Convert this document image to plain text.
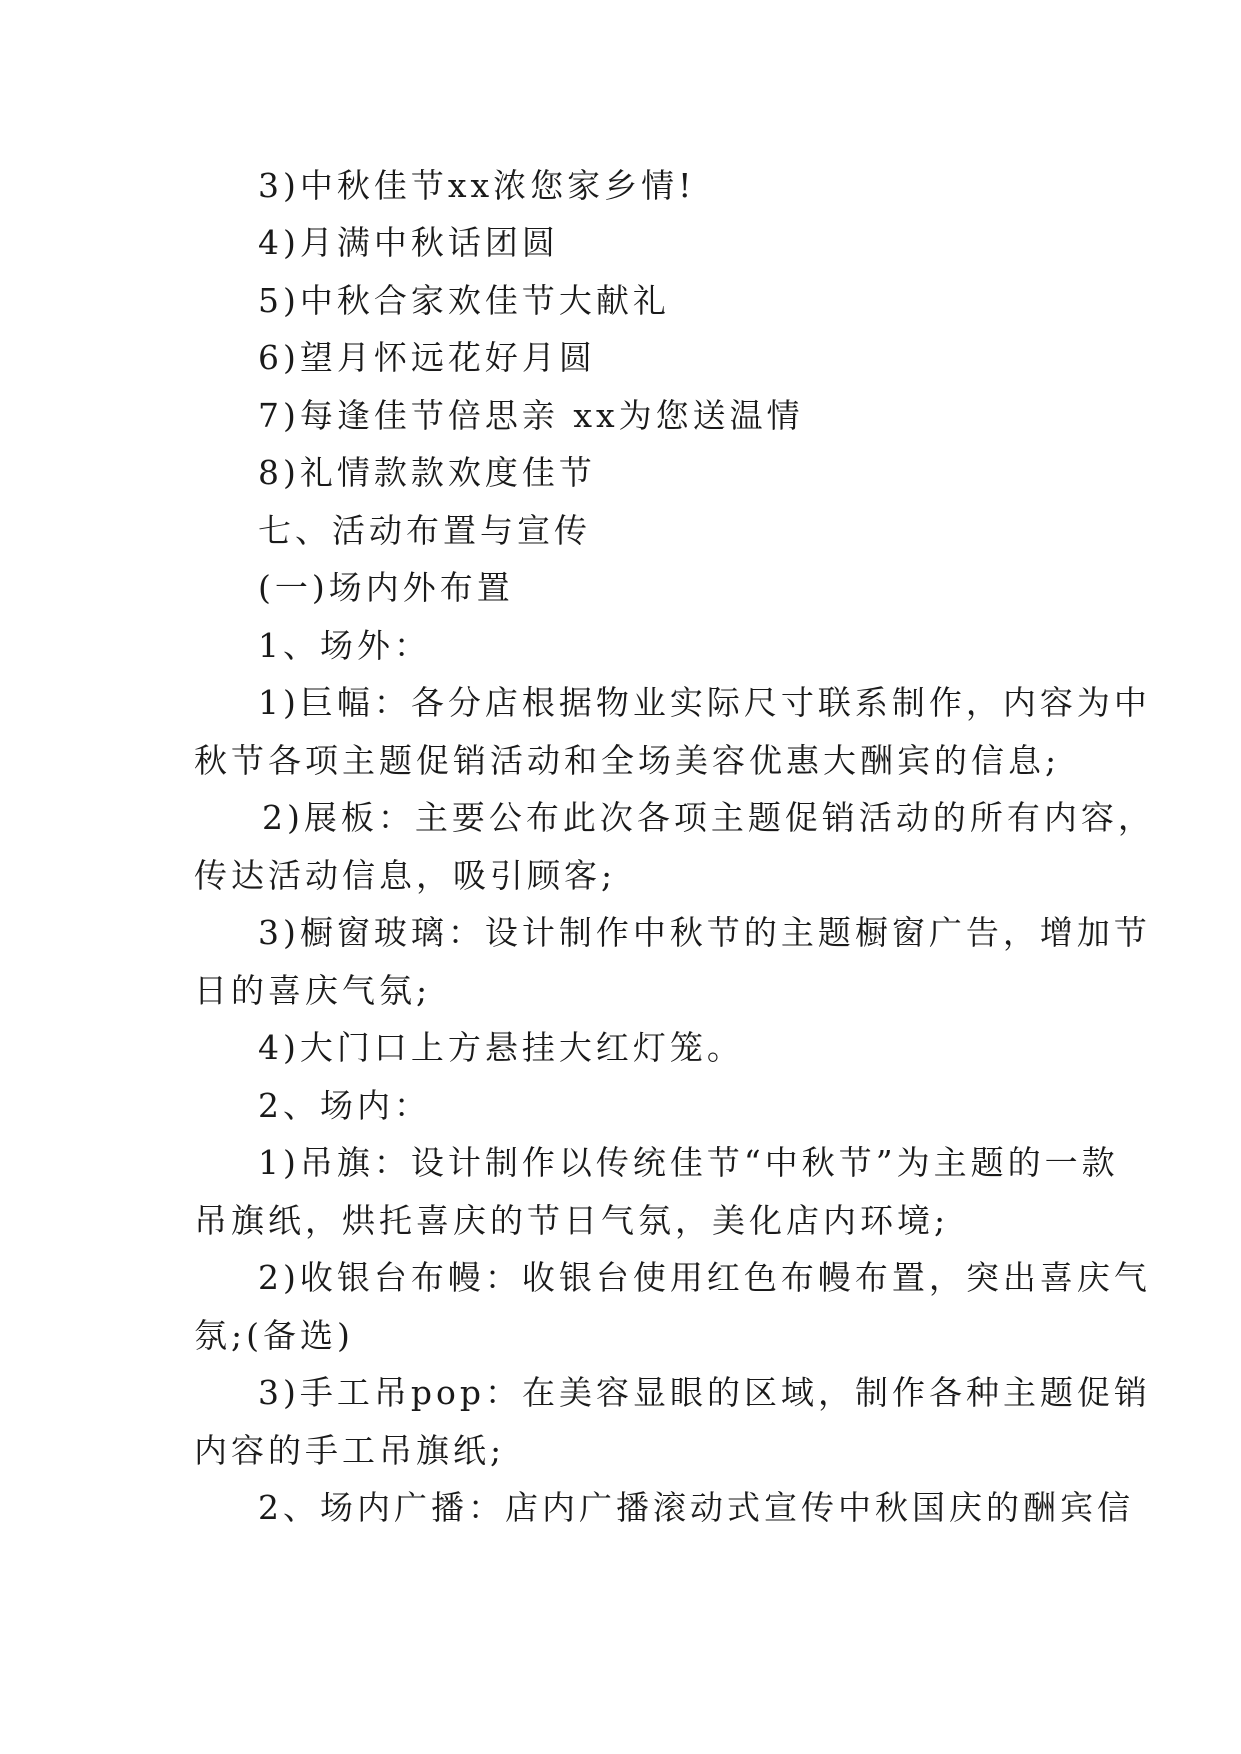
3)中秋佳节xx浓您家乡情!

4)月满中秋话团圆

5)中秋合家欢佳节大献礼

6)望月怀远花好月圆

7)每逢佳节倍思亲 xx为您送温情

8)礼情款款欢度佳节

七、活动布置与宣传

(一)场内外布置

1、场外：

1)巨幅：各分店根据物业实际尺寸联系制作，内容为中

秋节各项主题促销活动和全场美容优惠大酬宾的信息;

2)展板：主要公布此次各项主题促销活动的所有内容，

传达活动信息，吸引顾客;

3)橱窗玻璃：设计制作中秋节的主题橱窗广告，增加节

日的喜庆气氛;

4)大门口上方悬挂大红灯笼。

2、场内：

1)吊旗：设计制作以传统佳节“中秋节”为主题的一款

吊旗纸，烘托喜庆的节日气氛，美化店内环境;

2)收银台布幔：收银台使用红色布幔布置，突出喜庆气

氛;(备选)

3)手工吊pop：在美容显眼的区域，制作各种主题促销

内容的手工吊旗纸;

2、场内广播：店内广播滚动式宣传中秋国庆的酬宾信
